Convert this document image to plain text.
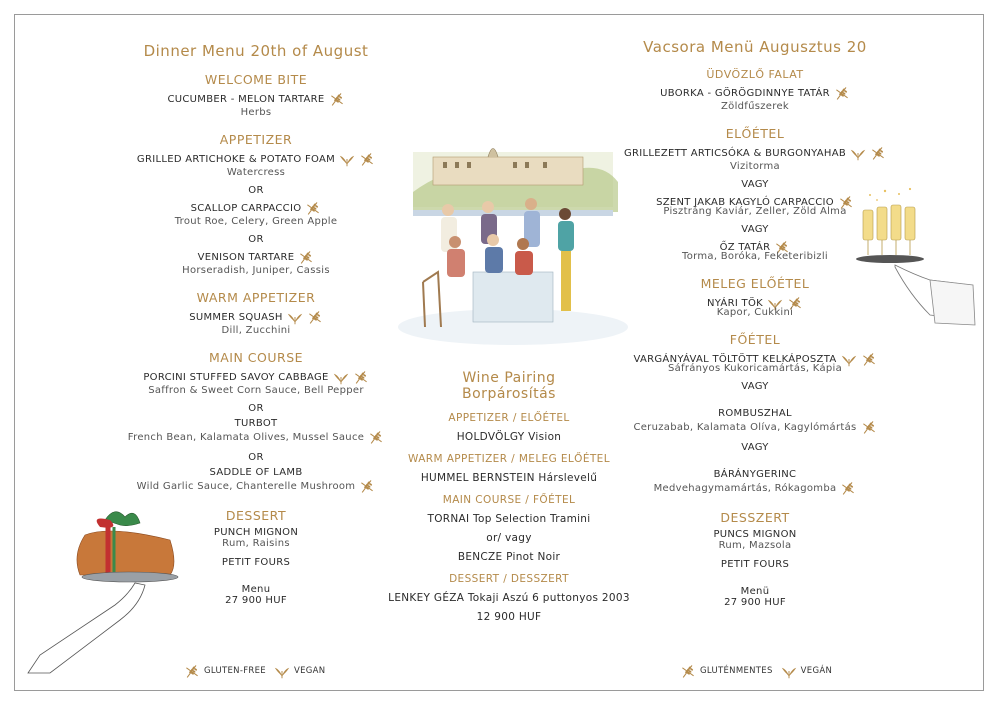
Dinner Menu 20th of August
WELCOME BITE
CUCUMBER - MELON TARTARE
Herbs
APPETIZER
GRILLED ARTICHOKE & POTATO FOAM
Watercress
OR
SCALLOP CARPACCIO
Trout Roe, Celery, Green Apple
OR
VENISON TARTARE
Horseradish, Juniper, Cassis
WARM APPETIZER
SUMMER SQUASH
Dill, Zucchini
MAIN COURSE
PORCINI STUFFED SAVOY CABBAGE
Saffron & Sweet Corn Sauce, Bell Pepper
OR
TURBOT
French Bean, Kalamata Olives, Mussel Sauce
OR
SADDLE OF LAMB
Wild Garlic Sauce, Chanterelle Mushroom
DESSERT
PUNCH MIGNON
Rum, Raisins
PETIT FOURS
Menu
27 900 HUF
Vacsora Menü Augusztus 20
ÜDVÖZLŐ FALAT
UBORKA - GÖRÖGDINNYE TATÁR
Zöldfűszerek
ELŐÉTEL
GRILLEZETT ARTICSÓKA & BURGONYAHAB
Vizitorma
VAGY
SZENT JAKAB KAGYLÓ CARPACCIO
Pisztráng Kaviár, Zeller, Zöld Alma
VAGY
ŐZ TATÁR
Torma, Boróka, Feketeribizli
MELEG ELŐÉTEL
NYÁRI TÖK
Kapor, Cukkini
FŐÉTEL
VARGÁNYÁVAL TÖLTÖTT KELKÁPOSZTA
Sáfrányos Kukoricamártás, Kápia
VAGY
ROMBUSZHAL
Ceruzabab, Kalamata Olíva, Kagylómártás
VAGY
BÁRÁNYGERINC
Medvehagymamártás, Rókagomba
DESSZERT
PUNCS MIGNON
Rum, Mazsola
PETIT FOURS
Menü
27 900 HUF
Wine Pairing
Borpárosítás
APPETIZER / ELŐÉTEL
HOLDVÖLGY Vision
WARM APPETIZER / MELEG ELŐÉTEL
HUMMEL BERNSTEIN Hárslevelű
MAIN COURSE / FŐÉTEL
TORNAI Top Selection Tramini
or/ vagy
BENCZE Pinot Noir
DESSERT / DESSZERT
LENKEY GÉZA Tokaji Aszú 6 puttonyos 2003
12 900 HUF
GLUTEN-FREE	VEGAN	GLUTÉNMENTES	VEGÁN
